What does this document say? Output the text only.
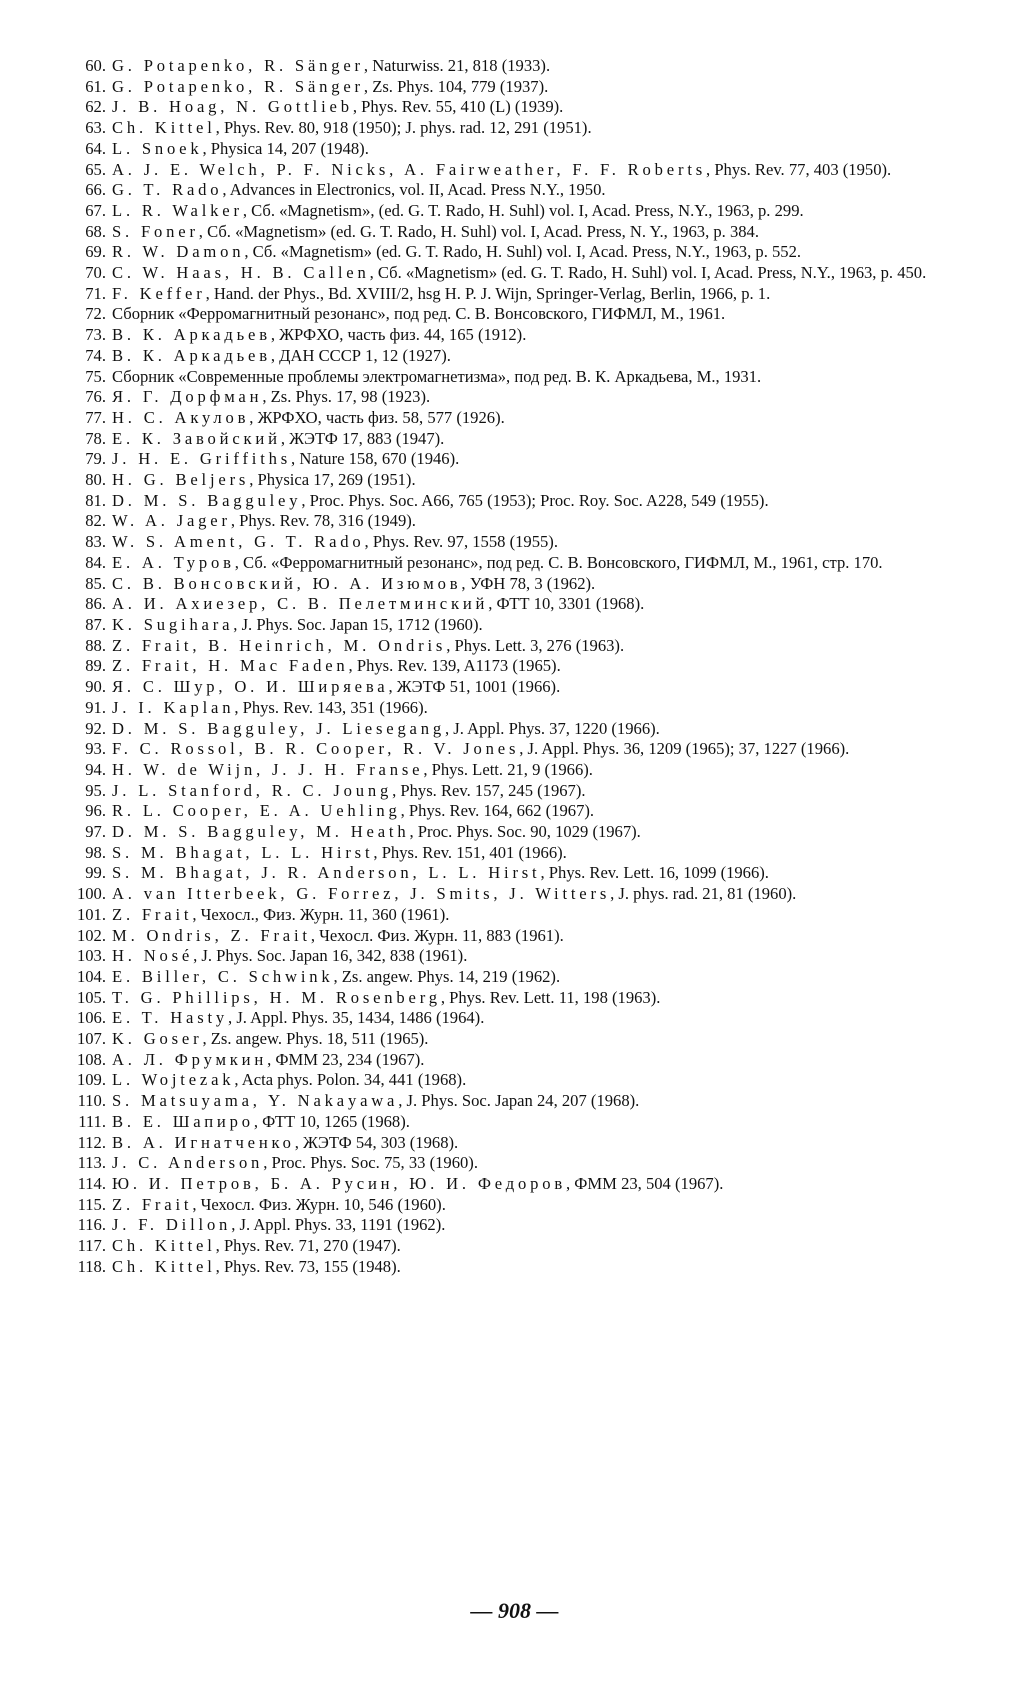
60. G. Potapenko, R. Sänger, Naturwiss. 21, 818 (1933).
61. G. Potapenko, R. Sänger, Zs. Phys. 104, 779 (1937).
62. J. B. Hoag, N. Gottlieb, Phys. Rev. 55, 410 (L) (1939).
63. Ch. Kittel, Phys. Rev. 80, 918 (1950); J. phys. rad. 12, 291 (1951).
64. L. Snoek, Physica 14, 207 (1948).
65. A. J. E. Welch, P. F. Nicks, A. Fairweather, F. F. Roberts, Phys. Rev. 77, 403 (1950).
66. G. T. Rado, Advances in Electronics, vol. II, Acad. Press N.Y., 1950.
67. L. R. Walker, Сб. «Magnetism», (ed. G. T. Rado, H. Suhl) vol. I, Acad. Press, N.Y., 1963, p. 299.
68. S. Foner, Сб. «Magnetism» (ed. G. T. Rado, H. Suhl) vol. I, Acad. Press, N. Y., 1963, p. 384.
69. R. W. Damon, Сб. «Magnetism» (ed. G. T. Rado, H. Suhl) vol. I, Acad. Press, N.Y., 1963, p. 552.
70. C. W. Haas, H. B. Callen, Сб. «Magnetism» (ed. G. T. Rado, H. Suhl) vol. I, Acad. Press, N.Y., 1963, p. 450.
71. F. Keffer, Hand. der Phys., Bd. XVIII/2, hsg H. P. J. Wijn, Springer-Verlag, Berlin, 1966, p. 1.
72. Сборник «Ферромагнитный резонанс», под ред. С. В. Вонсовского, ГИФМЛ, М., 1961.
73. В. К. Аркадьев, ЖРФХО, часть физ. 44, 165 (1912).
74. В. К. Аркадьев, ДАН СССР 1, 12 (1927).
75. Сборник «Современные проблемы электромагнетизма», под ред. В. К. Аркадьева, М., 1931.
76. Я. Г. Дорфман, Zs. Phys. 17, 98 (1923).
77. Н. С. Акулов, ЖРФХО, часть физ. 58, 577 (1926).
78. Е. К. Завойский, ЖЭТФ 17, 883 (1947).
79. J. H. E. Griffiths, Nature 158, 670 (1946).
80. H. G. Beljers, Physica 17, 269 (1951).
81. D. M. S. Bagguley, Proc. Phys. Soc. A66, 765 (1953); Proc. Roy. Soc. A228, 549 (1955).
82. W. A. Jager, Phys. Rev. 78, 316 (1949).
83. W. S. Ament, G. T. Rado, Phys. Rev. 97, 1558 (1955).
84. Е. А. Туров, Сб. «Ферромагнитный резонанс», под ред. С. В. Вонсовского, ГИФМЛ, М., 1961, стр. 170.
85. С. В. Вонсовский, Ю. А. Изюмов, УФН 78, 3 (1962).
86. А. И. Ахиезер, С. В. Пелетминский, ФТТ 10, 3301 (1968).
87. K. Sugihara, J. Phys. Soc. Japan 15, 1712 (1960).
88. Z. Frait, B. Heinrich, M. Ondris, Phys. Lett. 3, 276 (1963).
89. Z. Frait, H. Mac Faden, Phys. Rev. 139, A1173 (1965).
90. Я. С. Шур, О. И. Ширяева, ЖЭТФ 51, 1001 (1966).
91. J. I. Kaplan, Phys. Rev. 143, 351 (1966).
92. D. M. S. Bagguley, J. Liesegang, J. Appl. Phys. 37, 1220 (1966).
93. F. C. Rossol, B. R. Cooper, R. V. Jones, J. Appl. Phys. 36, 1209 (1965); 37, 1227 (1966).
94. H. W. de Wijn, J. J. H. Franse, Phys. Lett. 21, 9 (1966).
95. J. L. Stanford, R. C. Joung, Phys. Rev. 157, 245 (1967).
96. R. L. Cooper, E. A. Uehling, Phys. Rev. 164, 662 (1967).
97. D. M. S. Bagguley, M. Heath, Proc. Phys. Soc. 90, 1029 (1967).
98. S. M. Bhagat, L. L. Hirst, Phys. Rev. 151, 401 (1966).
99. S. M. Bhagat, J. R. Anderson, L. L. Hirst, Phys. Rev. Lett. 16, 1099 (1966).
100. A. van Itterbeek, G. Forrez, J. Smits, J. Witters, J. phys. rad. 21, 81 (1960).
101. Z. Frait, Чехосл., Физ. Журн. 11, 360 (1961).
102. M. Ondris, Z. Frait, Чехосл. Физ. Журн. 11, 883 (1961).
103. H. Nosé, J. Phys. Soc. Japan 16, 342, 838 (1961).
104. E. Biller, C. Schwink, Zs. angew. Phys. 14, 219 (1962).
105. T. G. Phillips, H. M. Rosenberg, Phys. Rev. Lett. 11, 198 (1963).
106. E. T. Hasty, J. Appl. Phys. 35, 1434, 1486 (1964).
107. K. Goser, Zs. angew. Phys. 18, 511 (1965).
108. А. Л. Фрумкин, ФММ 23, 234 (1967).
109. L. Wojtezak, Acta phys. Polon. 34, 441 (1968).
110. S. Matsuyama, Y. Nakayawa, J. Phys. Soc. Japan 24, 207 (1968).
111. В. Е. Шапиро, ФТТ 10, 1265 (1968).
112. В. А. Игнатченко, ЖЭТФ 54, 303 (1968).
113. J. C. Anderson, Proc. Phys. Soc. 75, 33 (1960).
114. Ю. И. Петров, Б. А. Русин, Ю. И. Федоров, ФММ 23, 504 (1967).
115. Z. Frait, Чехосл. Физ. Журн. 10, 546 (1960).
116. J. F. Dillon, J. Appl. Phys. 33, 1191 (1962).
117. Ch. Kittel, Phys. Rev. 71, 270 (1947).
118. Ch. Kittel, Phys. Rev. 73, 155 (1948).
— 908 —
